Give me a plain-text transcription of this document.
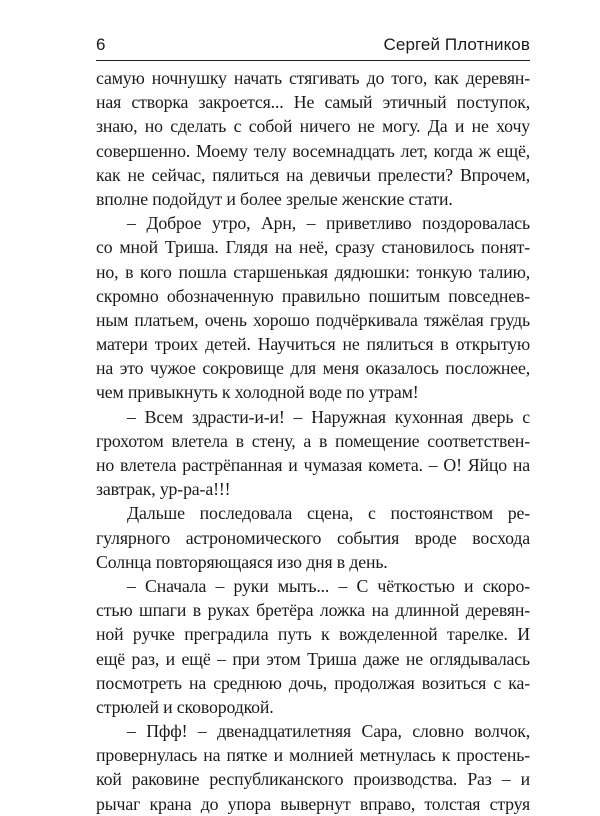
6	Сергей Плотников
самую ночнушку начать стягивать до того, как деревян-
ная створка закроется... Не самый этичный поступок,
знаю, но сделать с собой ничего не могу. Да и не хочу
совершенно. Моему телу восемнадцать лет, когда ж ещё,
как не сейчас, пялиться на девичьи прелести? Впрочем,
вполне подойдут и более зрелые женские стати.
– Доброе утро, Арн, – приветливо поздоровалась
со мной Триша. Глядя на неё, сразу становилось понят-
но, в кого пошла старшенькая дядюшки: тонкую талию,
скромно обозначенную правильно пошитым повседнев-
ным платьем, очень хорошо подчёркивала тяжёлая грудь
матери троих детей. Научиться не пялиться в открытую
на это чужое сокровище для меня оказалось посложнее,
чем привыкнуть к холодной воде по утрам!
– Всем здрасти-и-и! – Наружная кухонная дверь с
грохотом влетела в стену, а в помещение соответствен-
но влетела растрёпанная и чумазая комета. – О! Яйцо на
завтрак, ур-ра-а!!!
Дальше последовала сцена, с постоянством ре-
гулярного астрономического события вроде восхода
Солнца повторяющаяся изо дня в день.
– Сначала – руки мыть... – С чёткостью и скоро-
стью шпаги в руках бретёра ложка на длинной деревян-
ной ручке преградила путь к вожделенной тарелке. И
ещё раз, и ещё – при этом Триша даже не оглядывалась
посмотреть на среднюю дочь, продолжая возиться с ка-
стрюлей и сковородкой.
– Пфф! – двенадцатилетняя Сара, словно волчок,
провернулась на пятке и молнией метнулась к простень-
кой раковине республиканского производства. Раз – и
рычаг крана до упора вывернут вправо, толстая струя
